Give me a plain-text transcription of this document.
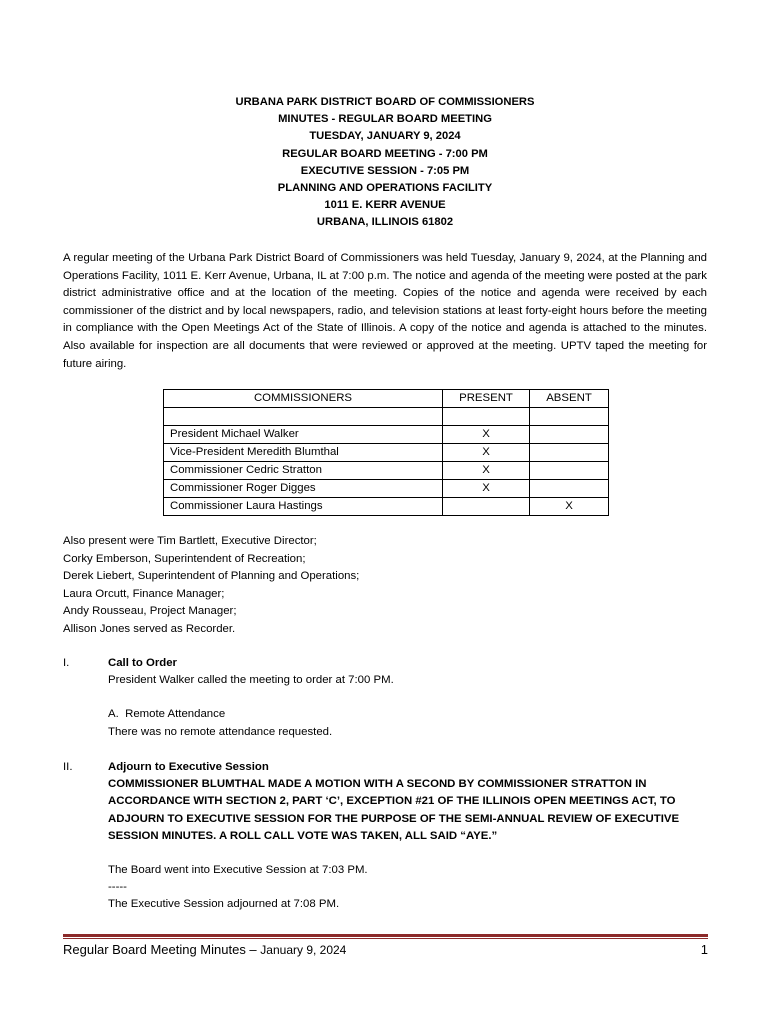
URBANA PARK DISTRICT BOARD OF COMMISSIONERS
MINUTES - REGULAR BOARD MEETING
TUESDAY, JANUARY 9, 2024
REGULAR BOARD MEETING - 7:00 PM
EXECUTIVE SESSION - 7:05 PM
PLANNING AND OPERATIONS FACILITY
1011 E. KERR AVENUE
URBANA, ILLINOIS 61802

A regular meeting of the Urbana Park District Board of Commissioners was held Tuesday, January 9, 2024, at the Planning and Operations Facility, 1011 E. Kerr Avenue, Urbana, IL at 7:00 p.m. The notice and agenda of the meeting were posted at the park district administrative office and at the location of the meeting. Copies of the notice and agenda were received by each commissioner of the district and by local newspapers, radio, and television stations at least forty-eight hours before the meeting in compliance with the Open Meetings Act of the State of Illinois. A copy of the notice and agenda is attached to the minutes. Also available for inspection are all documents that were reviewed or approved at the meeting. UPTV taped the meeting for future airing.

COMMISSIONERS	PRESENT	ABSENT

President Michael Walker	X	
Vice-President Meredith Blumthal	X	
Commissioner Cedric Stratton	X	
Commissioner Roger Digges	X	
Commissioner Laura Hastings		X
Also present were Tim Bartlett, Executive Director;
Corky Emberson, Superintendent of Recreation;
Derek Liebert, Superintendent of Planning and Operations;
Laura Orcutt, Finance Manager;
Andy Rousseau, Project Manager;
Allison Jones served as Recorder.
I.	Call to Order
President Walker called the meeting to order at 7:00 PM.
A. Remote Attendance
There was no remote attendance requested.
II.	Adjourn to Executive Session
COMMISSIONER BLUMTHAL MADE A MOTION WITH A SECOND BY COMMISSIONER STRATTON IN ACCORDANCE WITH SECTION 2, PART ‘C’, EXCEPTION #21 OF THE ILLINOIS OPEN MEETINGS ACT, TO ADJOURN TO EXECUTIVE SESSION FOR THE PURPOSE OF THE SEMI-ANNUAL REVIEW OF EXECUTIVE SESSION MINUTES. A ROLL CALL VOTE WAS TAKEN, ALL SAID “AYE.”
The Board went into Executive Session at 7:03 PM.
-----
The Executive Session adjourned at 7:08 PM.
Regular Board Meeting Minutes – January 9, 2024	1
